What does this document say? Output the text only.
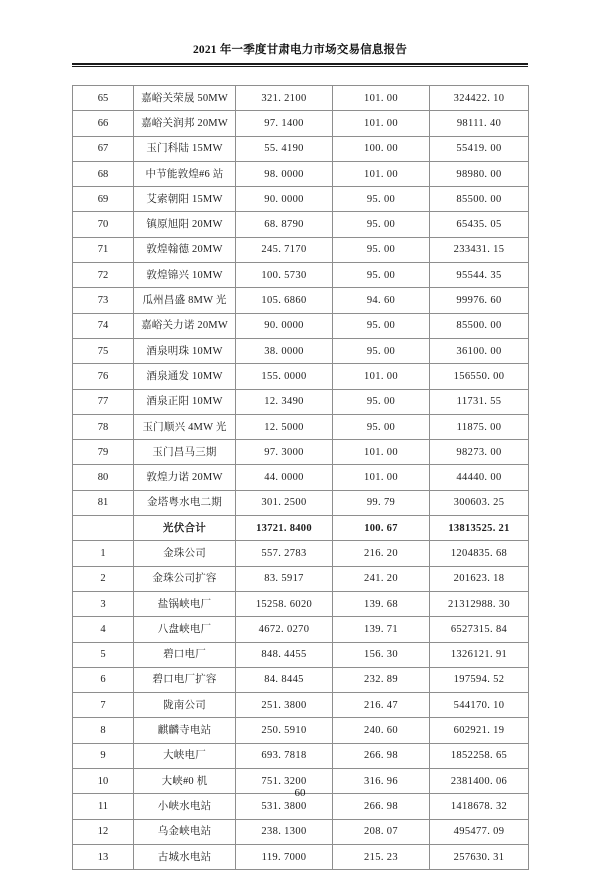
2021 年一季度甘肃电力市场交易信息报告
65	嘉峪关荣晟 50MW	321. 2100	101. 00	324422. 10
66	嘉峪关润邦 20MW	97. 1400	101. 00	98111. 40
67	玉门科陆 15MW	55. 4190	100. 00	55419. 00
68	中节能敦煌#6 站	98. 0000	101. 00	98980. 00
69	艾索朝阳 15MW	90. 0000	95. 00	85500. 00
70	镇原旭阳 20MW	68. 8790	95. 00	65435. 05
71	敦煌翰德 20MW	245. 7170	95. 00	233431. 15
72	敦煌锦兴 10MW	100. 5730	95. 00	95544. 35
73	瓜州昌盛 8MW 光	105. 6860	94. 60	99976. 60
74	嘉峪关力诺 20MW	90. 0000	95. 00	85500. 00
75	酒泉明珠 10MW	38. 0000	95. 00	36100. 00
76	酒泉通发 10MW	155. 0000	101. 00	156550. 00
77	酒泉正阳 10MW	12. 3490	95. 00	11731. 55
78	玉门顺兴 4MW 光	12. 5000	95. 00	11875. 00
79	玉门昌马三期	97. 3000	101. 00	98273. 00
80	敦煌力诺 20MW	44. 0000	101. 00	44440. 00
81	金塔粤水电二期	301. 2500	99. 79	300603. 25
	光伏合计	13721. 8400	100. 67	13813525. 21
1	金珠公司	557. 2783	216. 20	1204835. 68
2	金珠公司扩容	83. 5917	241. 20	201623. 18
3	盐锅峡电厂	15258. 6020	139. 68	21312988. 30
4	八盘峡电厂	4672. 0270	139. 71	6527315. 84
5	碧口电厂	848. 4455	156. 30	1326121. 91
6	碧口电厂扩容	84. 8445	232. 89	197594. 52
7	陇南公司	251. 3800	216. 47	544170. 10
8	麒麟寺电站	250. 5910	240. 60	602921. 19
9	大峡电厂	693. 7818	266. 98	1852258. 65
10	大峡#0 机	751. 3200	316. 96	2381400. 06
11	小峡水电站	531. 3800	266. 98	1418678. 32
12	乌金峡电站	238. 1300	208. 07	495477. 09
13	古城水电站	119. 7000	215. 23	257630. 31
60
